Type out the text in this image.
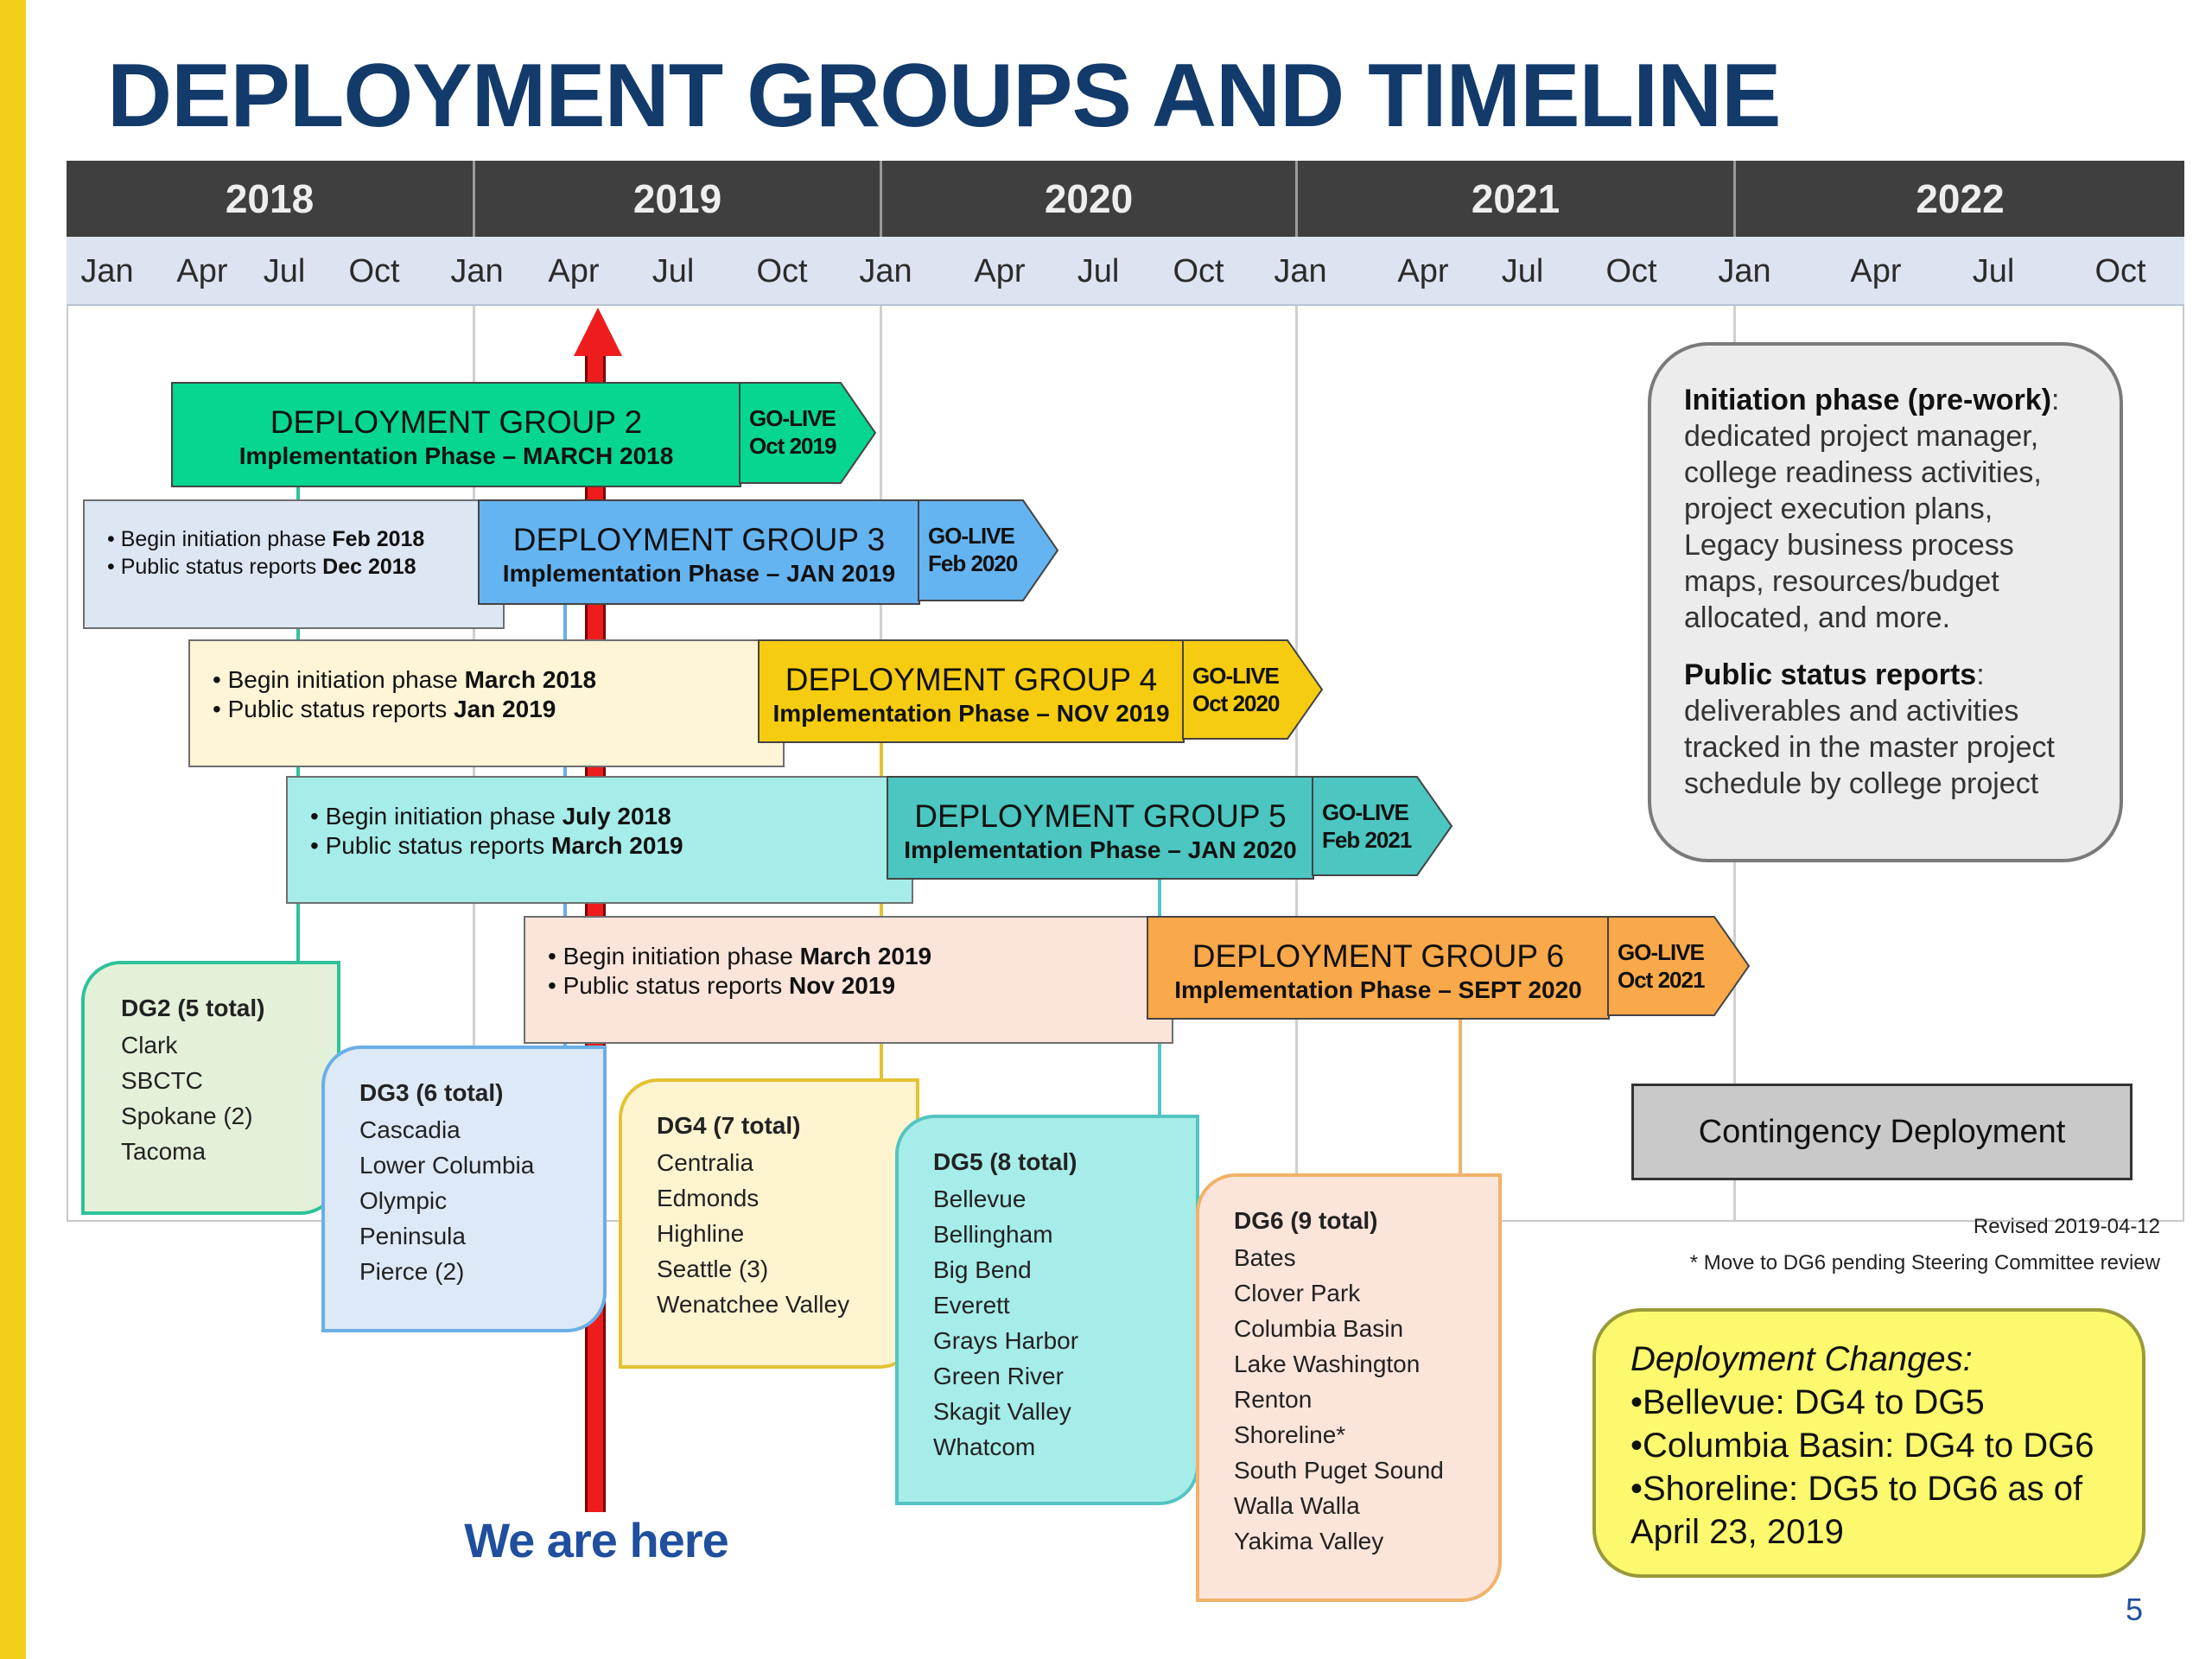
DEPLOYMENT GROUPS AND TIMELINE
2018	2019	2020	2021	2022
Jan Apr Jul Oct Jan Apr Jul Oct Jan Apr Jul Oct Jan Apr Jul Oct Jan Apr Jul Oct
We are here
DEPLOYMENT GROUP 2
Implementation Phase – MARCH 2018
GO-LIVE
Oct 2019
• Begin initiation phase Feb 2018
• Public status reports Dec 2018
DEPLOYMENT GROUP 3
Implementation Phase – JAN 2019
GO-LIVE
Feb 2020
• Begin initiation phase March 2018
• Public status reports Jan 2019
DEPLOYMENT GROUP 4
Implementation Phase – NOV 2019
GO-LIVE
Oct 2020
• Begin initiation phase July 2018
• Public status reports March 2019
DEPLOYMENT GROUP 5
Implementation Phase – JAN 2020
GO-LIVE
Feb 2021
• Begin initiation phase March 2019
• Public status reports Nov 2019
DEPLOYMENT GROUP 6
Implementation Phase – SEPT 2020
GO-LIVE
Oct 2021
DG2 (5 total)
Clark
SBCTC
Spokane (2)
Tacoma
DG3 (6 total)
Cascadia
Lower Columbia
Olympic
Peninsula
Pierce (2)
DG4 (7 total)
Centralia
Edmonds
Highline
Seattle (3)
Wenatchee Valley
DG5 (8 total)
Bellevue
Bellingham
Big Bend
Everett
Grays Harbor
Green River
Skagit Valley
Whatcom
DG6 (9 total)
Bates
Clover Park
Columbia Basin
Lake Washington
Renton
Shoreline*
South Puget Sound
Walla Walla
Yakima Valley
Initiation phase (pre-work): dedicated project manager, college readiness activities, project execution plans, Legacy business process maps, resources/budget allocated, and more.
Public status reports: deliverables and activities tracked in the master project schedule by college project
Contingency Deployment
Revised 2019-04-12
* Move to DG6 pending Steering Committee review
Deployment Changes:
•Bellevue: DG4 to DG5
•Columbia Basin: DG4 to DG6
•Shoreline: DG5 to DG6 as of April 23, 2019
5
